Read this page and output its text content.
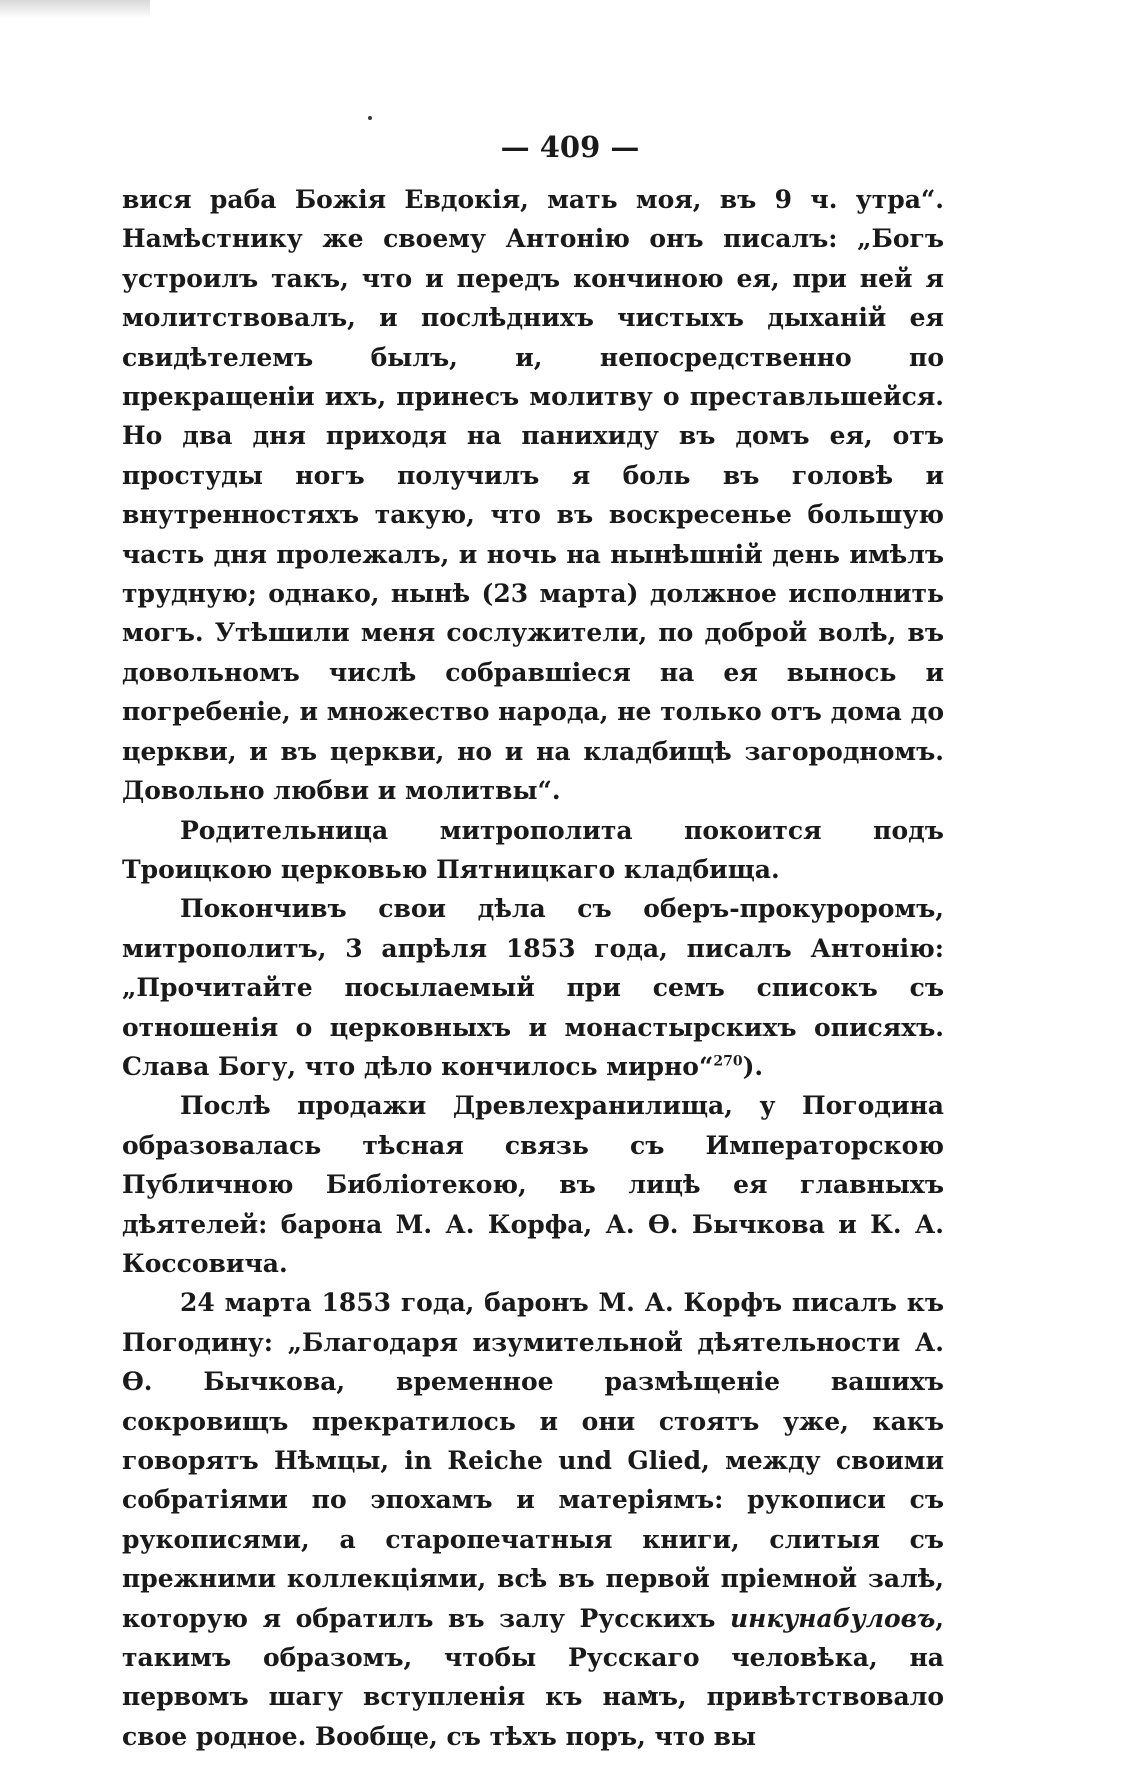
— 409 —

вися раба Божія Евдокія, мать моя, въ 9 ч. утра“. Намѣстнику же своему Антонію онъ писалъ: „Богъ устроилъ такъ, что и передъ кончиною ея, при ней я молитствовалъ, и послѣднихъ чистыхъ дыханій ея свидѣтелемъ былъ, и, непосредственно по прекращеніи ихъ, принесъ молитву о преставльшейся. Но два дня приходя на панихиду въ домъ ея, отъ простуды ногъ получилъ я боль въ головѣ и внутренностяхъ такую, что въ воскресенье большую часть дня пролежалъ, и ночь на нынѣшній день имѣлъ трудную; однако, нынѣ (23 марта) должное исполнить могъ. Утѣшили меня сослужители, по доброй волѣ, въ довольномъ числѣ собравшіеся на ея вынось и погребеніе, и множество народа, не только отъ дома до церкви, и въ церкви, но и на кладбищѣ загородномъ. Довольно любви и молитвы“.

Родительница митрополита покоится подъ Троицкою церковью Пятницкаго кладбища.

Покончивъ свои дѣла съ оберъ-прокуроромъ, митрополитъ, 3 апрѣля 1853 года, писалъ Антонію: „Прочитайте посылаемый при семъ списокъ съ отношенія о церковныхъ и монастырскихъ описяхъ. Слава Богу, что дѣло кончилось мирно“$^{270}$).

Послѣ продажи Древлехранилища, у Погодина образовалась тѣсная связь съ Императорскою Публичною Библіотекою, въ лицѣ ея главныхъ дѣятелей: барона М. А. Корфа, А. Ѳ. Бычкова и К. А. Коссовича.

24 марта 1853 года, баронъ М. А. Корфъ писалъ къ Погодину: „Благодаря изумительной дѣятельности А. Ѳ. Бычкова, временное размѣщеніе вашихъ сокровищъ прекратилось и они стоятъ уже, какъ говорятъ Нѣмцы, in Reiche und Glied, между своими собратіями по эпохамъ и матеріямъ: рукописи съ рукописями, а старопечатныя книги, слитыя съ прежними коллекціями, всѣ въ первой пріемной залѣ, которую я обратилъ въ залу Русскихъ инкунабуловъ, такимъ образомъ, чтобы Русскаго человѣка, на первомъ шагу вступленія къ намъ, привѣтствовало свое родное. Вообще, съ тѣхъ поръ, что вы
